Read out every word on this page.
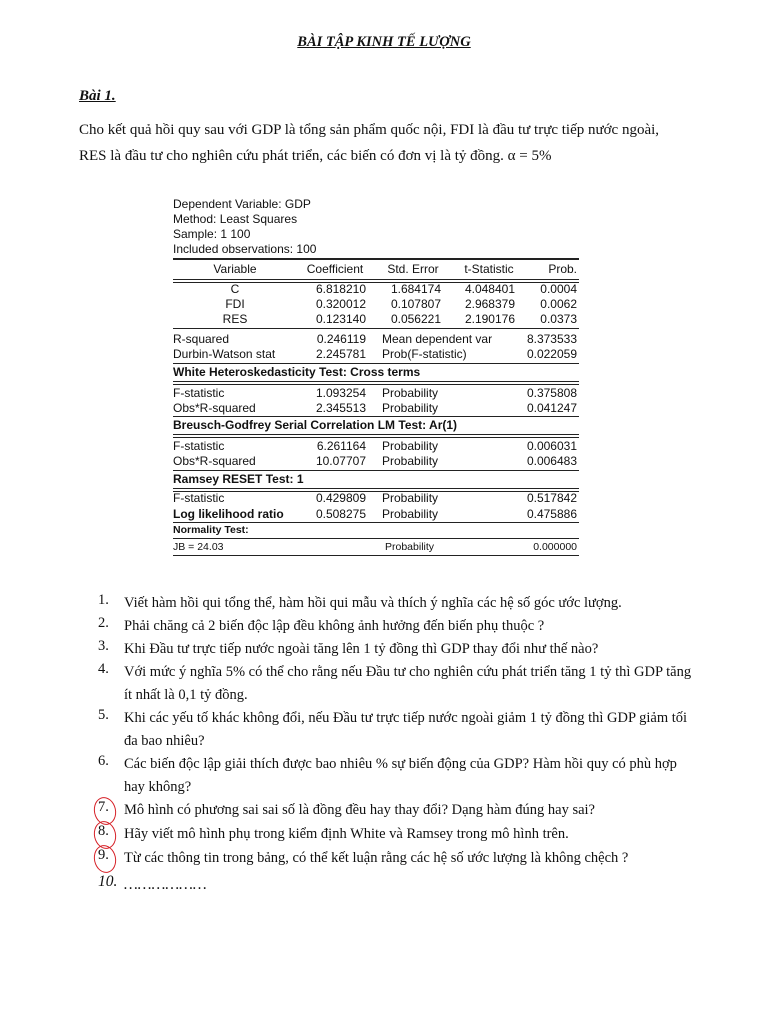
BÀI TẬP KINH TẾ LƯỢNG
Bài 1.
Cho kết quả hồi quy sau với GDP là tổng sản phẩm quốc nội, FDI là đầu tư trực tiếp nước ngoài,
RES là đầu tư cho nghiên cứu phát triển, các biến có đơn vị là tỷ đồng. α = 5%
Dependent Variable: GDP
Method: Least Squares
Sample: 1 100
Included observations: 100
Variable	Coefficient	Std. Error	t-Statistic	Prob.
C	6.818210	1.684174	4.048401	0.0004
FDI	0.320012	0.107807	2.968379	0.0062
RES	0.123140	0.056221	2.190176	0.0373
R-squared	0.246119 Mean dependent var	8.373533
Durbin-Watson stat	2.245781 Prob(F-statistic)	0.022059
White Heteroskedasticity Test: Cross terms
F-statistic	1.093254 Probability	0.375808
Obs*R-squared	2.345513 Probability	0.041247
Breusch-Godfrey Serial Correlation LM Test: Ar(1)
F-statistic	6.261164 Probability	0.006031
Obs*R-squared	10.07707 Probability	0.006483
Ramsey RESET Test: 1
F-statistic	0.429809 Probability	0.517842
Log likelihood ratio	0.508275 Probability	0.475886
Normality Test:
JB = 24.03	Probability	0.000000
1.	Viết hàm hồi qui tổng thể, hàm hồi qui mẫu và thích ý nghĩa các hệ số góc ước lượng.
2.	Phải chăng cả 2 biến độc lập đều không ảnh hưởng đến biến phụ thuộc ?
3.	Khi Đầu tư trực tiếp nước ngoài tăng lên 1 tỷ đồng thì GDP thay đổi như thế nào?
4.	Với mức ý nghĩa 5% có thể cho rằng nếu Đầu tư cho nghiên cứu phát triển tăng 1 tỷ thì GDP tăng ít nhất là 0,1 tỷ đồng.
5.	Khi các yếu tố khác không đổi, nếu Đầu tư trực tiếp nước ngoài giảm 1 tỷ đồng thì GDP giảm tối đa bao nhiêu?
6.	Các biến độc lập giải thích được bao nhiêu % sự biến động của GDP? Hàm hồi quy có phù hợp hay không?
7.	Mô hình có phương sai sai số là đồng đều hay thay đổi? Dạng hàm đúng hay sai?
8.	Hãy viết mô hình phụ trong kiểm định White và Ramsey trong mô hình trên.
9.	Từ các thông tin trong bảng, có thể kết luận rằng các hệ số ước lượng là không chệch ?
10. ………………
